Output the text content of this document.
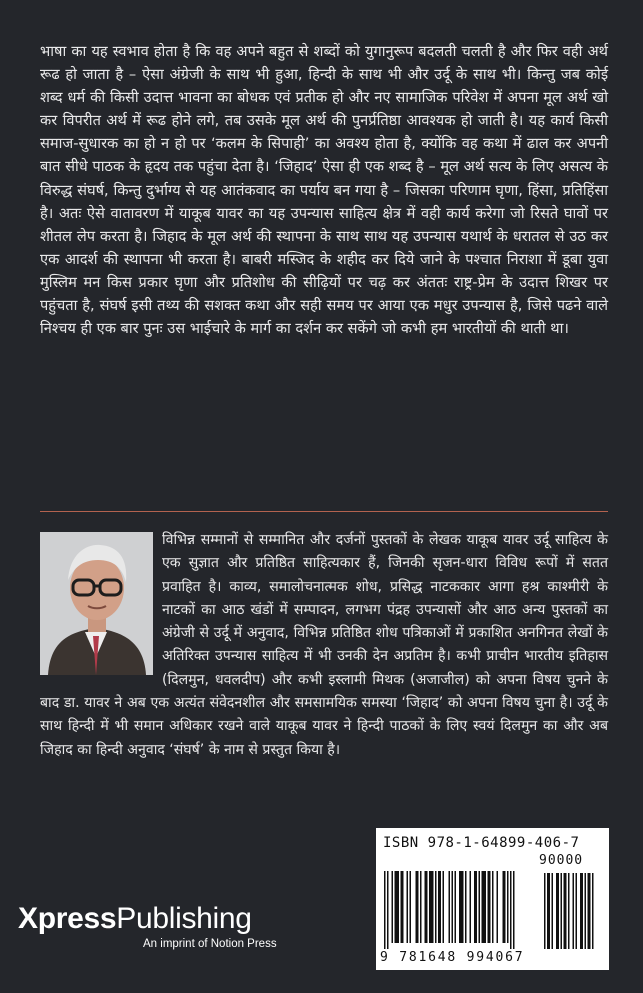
भाषा का यह स्वभाव होता है कि वह अपने बहुत से शब्दों को युगानुरूप बदलती चलती है और फिर वही अर्थ रूढ हो जाता है – ऐसा अंग्रेजी के साथ भी हुआ, हिन्दी के साथ भी और उर्दू के साथ भी। किन्तु जब कोई शब्द धर्म की किसी उदात्त भावना का बोधक एवं प्रतीक हो और नए सामाजिक परिवेश में अपना मूल अर्थ खो कर विपरीत अर्थ में रूढ होने लगे, तब उसके मूल अर्थ की पुनर्प्रतिष्ठा आवश्यक हो जाती है। यह कार्य किसी समाज-सुधारक का हो न हो पर ‘कलम के सिपाही’ का अवश्य होता है, क्योंकि वह कथा में ढाल कर अपनी बात सीधे पाठक के हृदय तक पहुंचा देता है। ‘जिहाद’ ऐसा ही एक शब्द है – मूल अर्थ सत्य के लिए असत्य के विरुद्ध संघर्ष, किन्तु दुर्भाग्य से यह आतंकवाद का पर्याय बन गया है – जिसका परिणाम घृणा, हिंसा, प्रतिहिंसा है। अतः ऐसे वातावरण में याकूब यावर का यह उपन्यास साहित्य क्षेत्र में वही कार्य करेगा जो रिसते घावों पर शीतल लेप करता है। जिहाद के मूल अर्थ की स्थापना के साथ साथ यह उपन्यास यथार्थ के धरातल से उठ कर एक आदर्श की स्थापना भी करता है। बाबरी मस्जिद के शहीद कर दिये जाने के पश्चात निराशा में डूबा युवा मुस्लिम मन किस प्रकार घृणा और प्रतिशोध की सीढ़ियों पर चढ़ कर अंततः राष्ट्र-प्रेम के उदात्त शिखर पर पहुंचता है, संघर्ष इसी तथ्य की सशक्त कथा और सही समय पर आया एक मधुर उपन्यास है, जिसे पढने वाले निश्चय ही एक बार पुनः उस भाईचारे के मार्ग का दर्शन कर सकेंगे जो कभी हम भारतीयों की थाती था।

विभिन्न सम्मानों से सम्मानित और दर्जनों पुस्तकों के लेखक याकूब यावर उर्दू साहित्य के एक सुज्ञात और प्रतिष्ठित साहित्यकार हैं, जिनकी सृजन-धारा विविध रूपों में सतत प्रवाहित है। काव्य, समालोचनात्मक शोध, प्रसिद्ध नाटककार आगा हश्र काश्मीरी के नाटकों का आठ खंडों में सम्पादन, लगभग पंद्रह उपन्यासों और आठ अन्य पुस्तकों का अंग्रेजी से उर्दू में अनुवाद, विभिन्न प्रतिष्ठित शोध पत्रिकाओं में प्रकाशित अनगिनत लेखों के अतिरिक्त उपन्यास साहित्य में भी उनकी देन अप्रतिम है। कभी प्राचीन भारतीय इतिहास (दिलमुन, धवलदीप) और कभी इस्लामी मिथक (अजाजील) को अपना विषय चुनने के बाद डा. यावर ने अब एक अत्यंत संवेदनशील और समसामयिक समस्या ‘जिहाद’ को अपना विषय चुना है। उर्दू के साथ हिन्दी में भी समान अधिकार रखने वाले याकूब यावर ने हिन्दी पाठकों के लिए स्वयं दिलमुन का और अब जिहाद का हिन्दी अनुवाद ‘संघर्ष’ के नाम से प्रस्तुत किया है।

ISBN 978-1-64899-406-7
90000
9 781648 994067
XpressPublishing
An imprint of Notion Press
